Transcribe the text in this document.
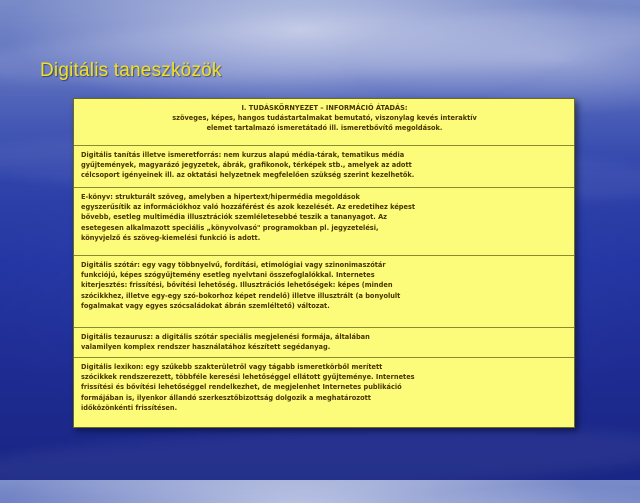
Digitális taneszközök
I. TUDÁSKÖRNYEZET – INFORMÁCIÓ ÁTADÁS:
szöveges, képes, hangos tudástartalmakat bemutató, viszonylag kevés interaktív
elemet tartalmazó ismeretátadó ill. ismeretbővítő megoldások.
Digitális tanítás illetve ismeretforrás: nem kurzus alapú média-tárak, tematikus média
gyűjtemények, magyarázó jegyzetek, ábrák, grafikonok, térképek stb., amelyek az adott
célcsoport igényeinek ill. az oktatási helyzetnek megfelelően szükség szerint kezelhetők.
E-könyv: strukturált szöveg, amelyben a hipertext/hipermédia megoldások
egyszerűsítik az információkhoz való hozzáférést és azok kezelését. Az eredetihez képest
bővebb, esetleg multimédia illusztrációk szemléletesebbé teszik a tananyagot. Az
esetegesen alkalmazott speciális „könyvolvasó" programokban pl. jegyzetelési,
könyvjelző és szöveg-kiemelési funkció is adott.
Digitális szótár: egy vagy többnyelvű, fordítási, etimológiai vagy szinonimaszótár
funkciójú, képes szógyűjtemény esetleg nyelvtani összefoglalókkal. Internetes
kiterjesztés: frissítési, bővítési lehetőség. Illusztrációs lehetőségek: képes (minden
szócikkhez, illetve egy-egy szó-bokorhoz képet rendelő) illetve illusztrált (a bonyolult
fogalmakat vagy egyes szócsaládokat ábrán szemléltető) változat.
Digitális tezaurusz: a digitális szótár speciális megjelenési formája, általában
valamilyen komplex rendszer használatához készített segédanyag.
Digitális lexikon: egy szűkebb szakterületről vagy tágabb ismeretkörből merített
szócikkek rendszerezett, többféle keresési lehetőséggel ellátott gyűjteménye. Internetes
frissítési és bővítési lehetőséggel rendelkezhet, de megjelenhet Internetes publikáció
formájában is, ilyenkor állandó szerkesztőbizottság dolgozik a meghatározott
időközönkénti frissítésen.
